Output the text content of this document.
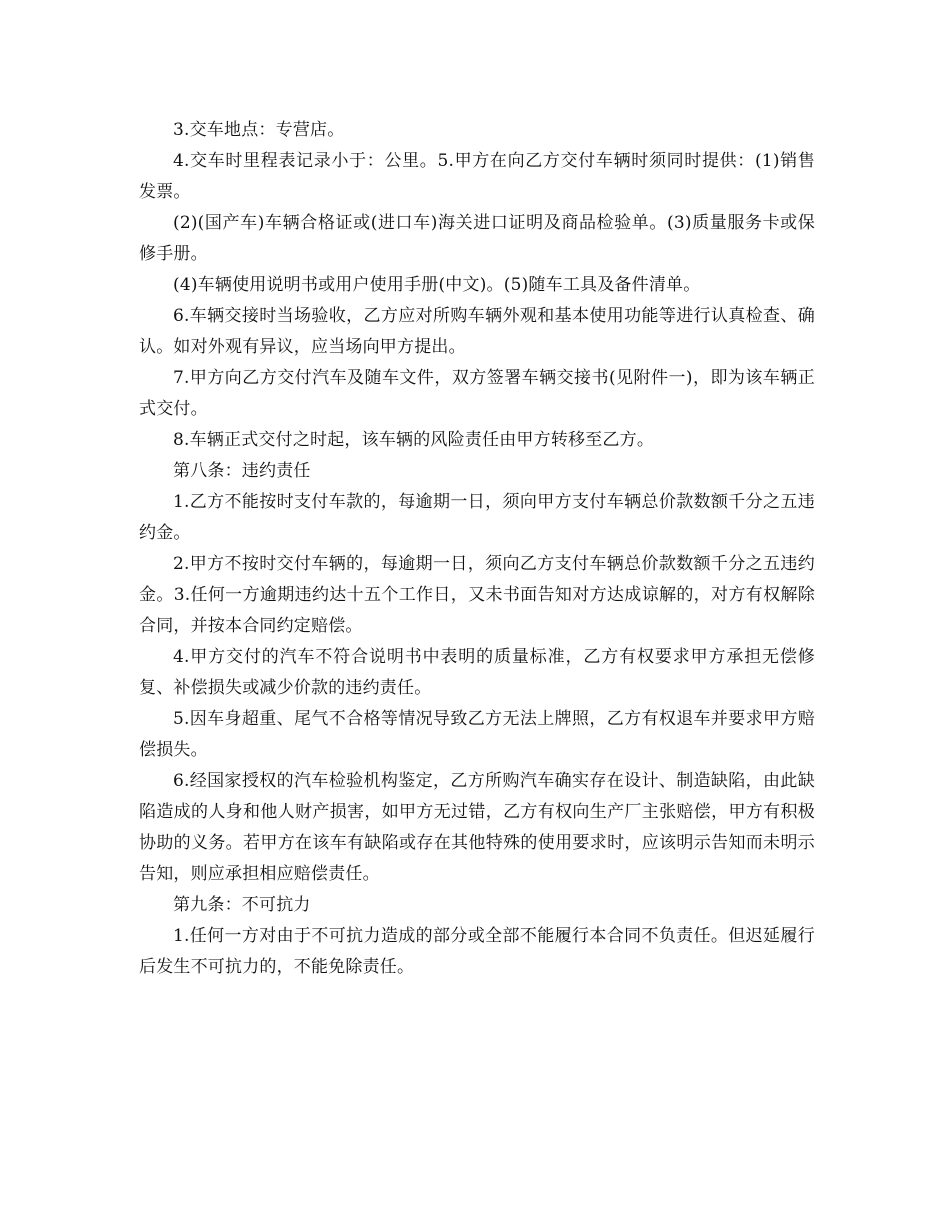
3.交车地点：专营店。

4.交车时里程表记录小于：公里。5.甲方在向乙方交付车辆时须同时提供：(1)销售发票。

(2)(国产车)车辆合格证或(进口车)海关进口证明及商品检验单。(3)质量服务卡或保修手册。

(4)车辆使用说明书或用户使用手册(中文)。(5)随车工具及备件清单。

6.车辆交接时当场验收，乙方应对所购车辆外观和基本使用功能等进行认真检查、确认。如对外观有异议，应当场向甲方提出。

7.甲方向乙方交付汽车及随车文件，双方签署车辆交接书(见附件一)，即为该车辆正式交付。

8.车辆正式交付之时起，该车辆的风险责任由甲方转移至乙方。

第八条：违约责任

1.乙方不能按时支付车款的，每逾期一日，须向甲方支付车辆总价款数额千分之五违约金。

2.甲方不按时交付车辆的，每逾期一日，须向乙方支付车辆总价款数额千分之五违约金。3.任何一方逾期违约达十五个工作日，又未书面告知对方达成谅解的，对方有权解除合同，并按本合同约定赔偿。

4.甲方交付的汽车不符合说明书中表明的质量标准，乙方有权要求甲方承担无偿修复、补偿损失或减少价款的违约责任。

5.因车身超重、尾气不合格等情况导致乙方无法上牌照，乙方有权退车并要求甲方赔偿损失。

6.经国家授权的汽车检验机构鉴定，乙方所购汽车确实存在设计、制造缺陷，由此缺陷造成的人身和他人财产损害，如甲方无过错，乙方有权向生产厂主张赔偿，甲方有积极协助的义务。若甲方在该车有缺陷或存在其他特殊的使用要求时，应该明示告知而未明示告知，则应承担相应赔偿责任。

第九条：不可抗力

1.任何一方对由于不可抗力造成的部分或全部不能履行本合同不负责任。但迟延履行后发生不可抗力的，不能免除责任。
